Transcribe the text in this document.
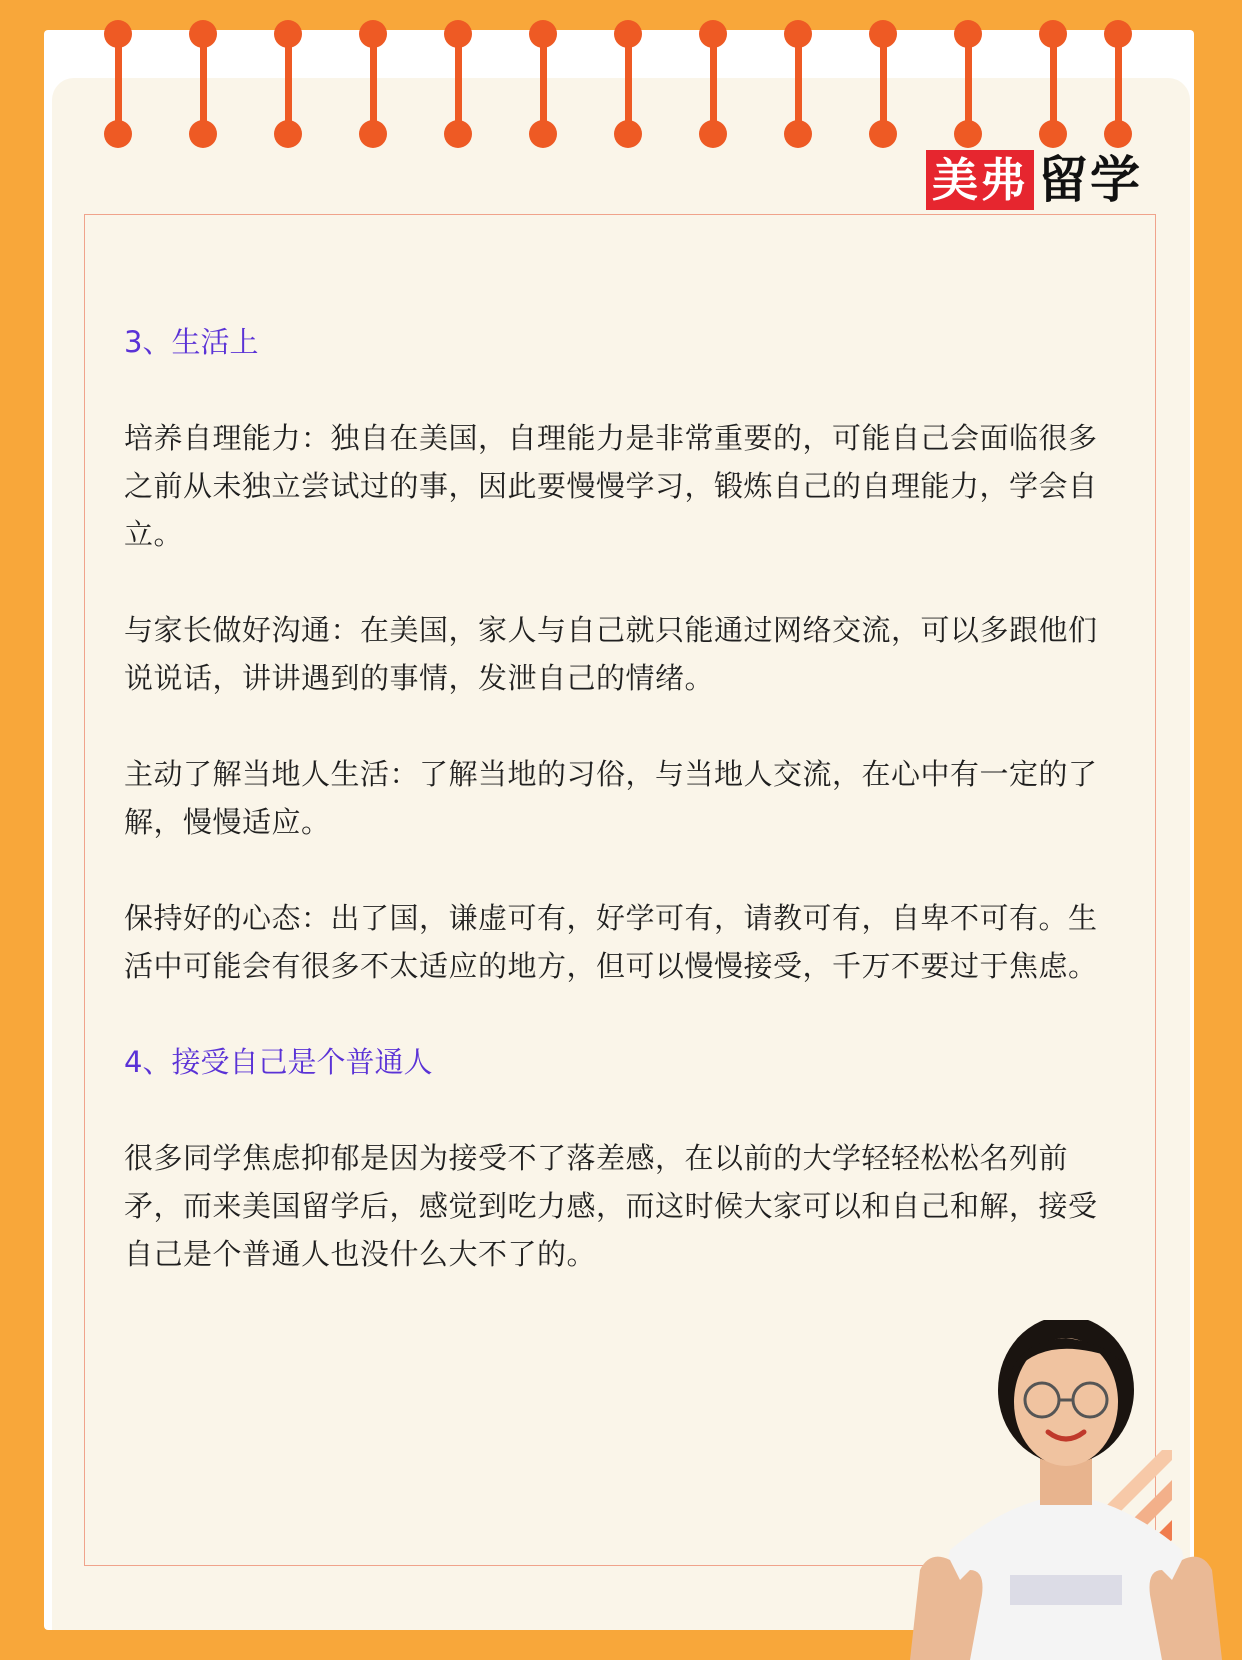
美弗 留学

3、生活上

培养自理能力：独自在美国，自理能力是非常重要的，可能自己会面临很多之前从未独立尝试过的事，因此要慢慢学习，锻炼自己的自理能力，学会自立。

与家长做好沟通：在美国，家人与自己就只能通过网络交流，可以多跟他们说说话，讲讲遇到的事情，发泄自己的情绪。

主动了解当地人生活：了解当地的习俗，与当地人交流，在心中有一定的了解，慢慢适应。

保持好的心态：出了国，谦虚可有，好学可有，请教可有，自卑不可有。生活中可能会有很多不太适应的地方，但可以慢慢接受，千万不要过于焦虑。

4、接受自己是个普通人

很多同学焦虑抑郁是因为接受不了落差感，在以前的大学轻轻松松名列前矛，而来美国留学后，感觉到吃力感，而这时候大家可以和自己和解，接受自己是个普通人也没什么大不了的。
